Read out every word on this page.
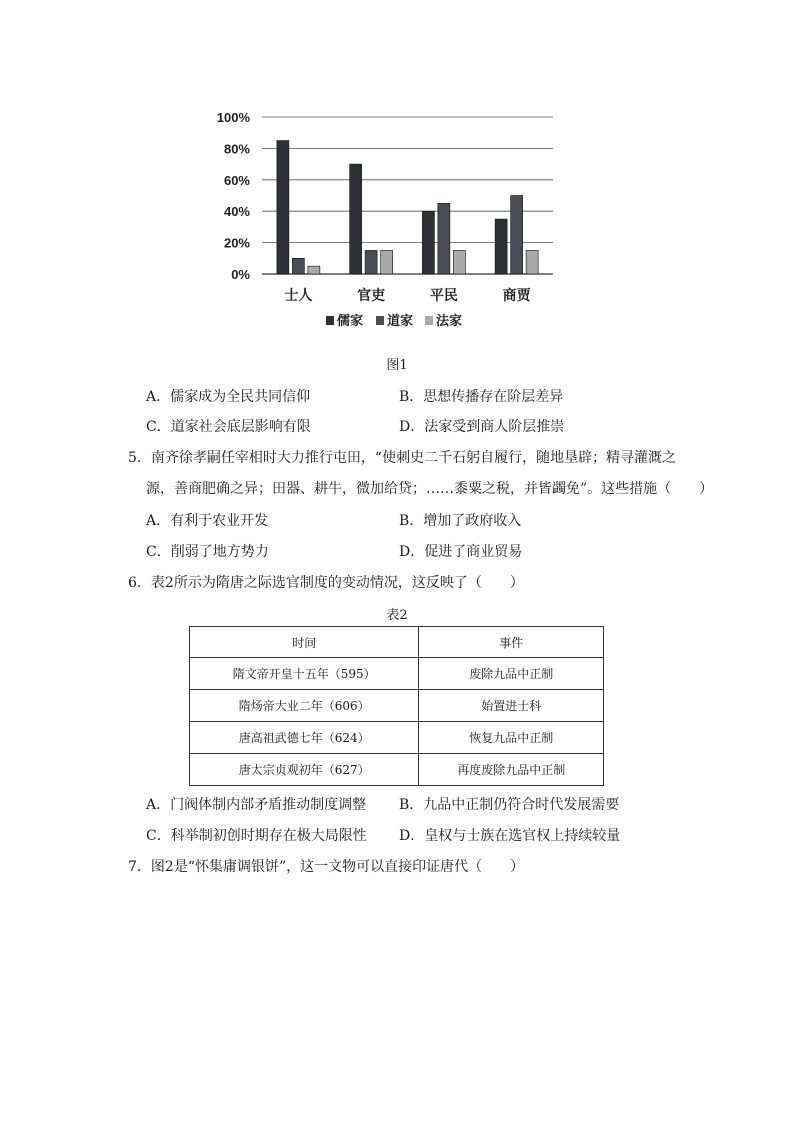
0%
20%
40%
60%
80%
100%
士人	官吏	平民	商贾
儒家 道家 法家
图1
A．儒家成为全民共同信仰	B．思想传播存在阶层差异
C．道家社会底层影响有限	D．法家受到商人阶层推崇
5．南齐徐孝嗣任宰相时大力推行屯田，“使刺史二千石躬自履行，随地垦辟；精寻灌溉之
源，善商肥确之异；田器、耕牛，微加给贷；……黍粟之税，并皆蠲免”。这些措施（　　）
A．有利于农业开发	B．增加了政府收入
C．削弱了地方势力	D．促进了商业贸易
6．表2所示为隋唐之际选官制度的变动情况，这反映了（　　）
表2
时间	事件
隋文帝开皇十五年（595）	废除九品中正制
隋炀帝大业二年（606）	始置进士科
唐高祖武德七年（624）	恢复九品中正制
唐太宗贞观初年（627）	再度废除九品中正制
A．门阀体制内部矛盾推动制度调整 B．九品中正制仍符合时代发展需要
C．科举制初创时期存在极大局限性 D．皇权与士族在选官权上持续较量
7．图2是“怀集庸调银饼”，这一文物可以直接印证唐代（　　）
